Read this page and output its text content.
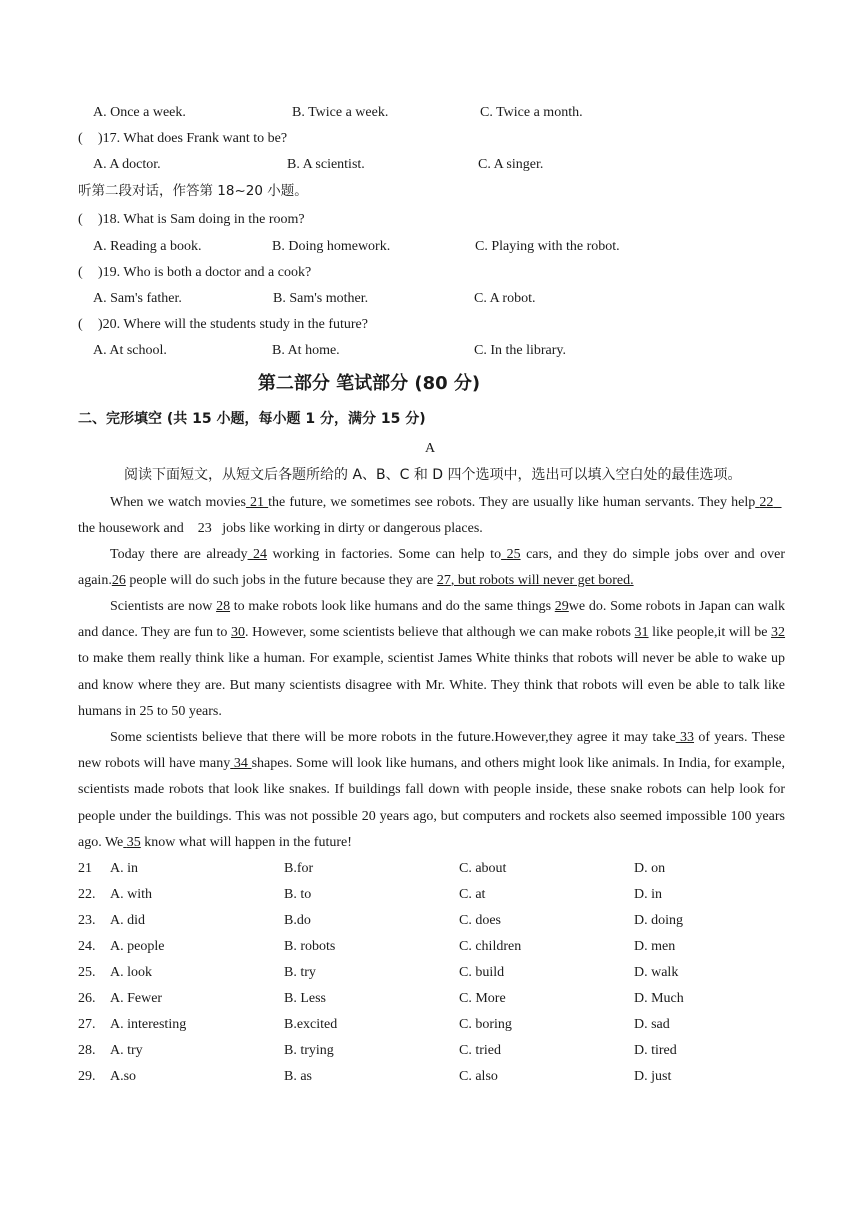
A. Once a week.	B. Twice a week.	C. Twice a month.
( )17. What does Frank want to be?
A. A doctor.	B. A scientist.	C. A singer.
听第二段对话，作答第 18~20 小题。
( )18. What is Sam doing in the room?
A. Reading a book.	B. Doing homework.	C. Playing with the robot.
( )19. Who is both a doctor and a cook?
A. Sam's father.	B. Sam's mother.	C. A robot.
( )20. Where will the students study in the future?
A. At school.	B. At home.	C. In the library.
第二部分 笔试部分 (80 分)
二、完形填空 (共 15 小题，每小题 1 分，满分 15 分)
A
阅读下面短文，从短文后各题所给的 A、B、C 和 D 四个选项中，选出可以填入空白处的最佳选项。
When we watch movies 21 the future, we sometimes see robots. They are usually like human servants. They help 22    the housework and 23 jobs like working in dirty or dangerous places.
Today there are already 24 working in factories. Some can help to 25 cars, and they do simple jobs over and over again.26 people will do such jobs in the future because they are 27, but robots will never get bored.
Scientists are now 28 to make robots look like humans and do the same things 29we do. Some robots in Japan can walk and dance. They are fun to 30. However, some scientists believe that although we can make robots 31 like people,it will be 32 to make them really think like a human. For example, scientist James White thinks that robots will never be able to wake up and know where they are. But many scientists disagree with Mr. White. They think that robots will even be able to talk like humans in 25 to 50 years.
Some scientists believe that there will be more robots in the future.However,they agree it may take 33 of years. These new robots will have many 34 shapes. Some will look like humans, and others might look like animals. In India, for example, scientists made robots that look like snakes. If buildings fall down with people inside, these snake robots can help look for people under the buildings. This was not possible 20 years ago, but computers and rockets also seemed impossible 100 years ago. We 35 know what will happen in the future!
21 A. in	B.for	C. about	D. on
22. A. with	B. to	C. at	D. in
23. A. did	B.do	C. does	D. doing
24. A. people	B. robots	C. children	D. men
25. A. look	B. try	C. build	D. walk
26. A. Fewer	B. Less	C. More	D. Much
27. A. interesting	B.excited	C. boring	D. sad
28. A. try	B. trying	C. tried	D. tired
29. A.so	B. as	C. also	D. just
